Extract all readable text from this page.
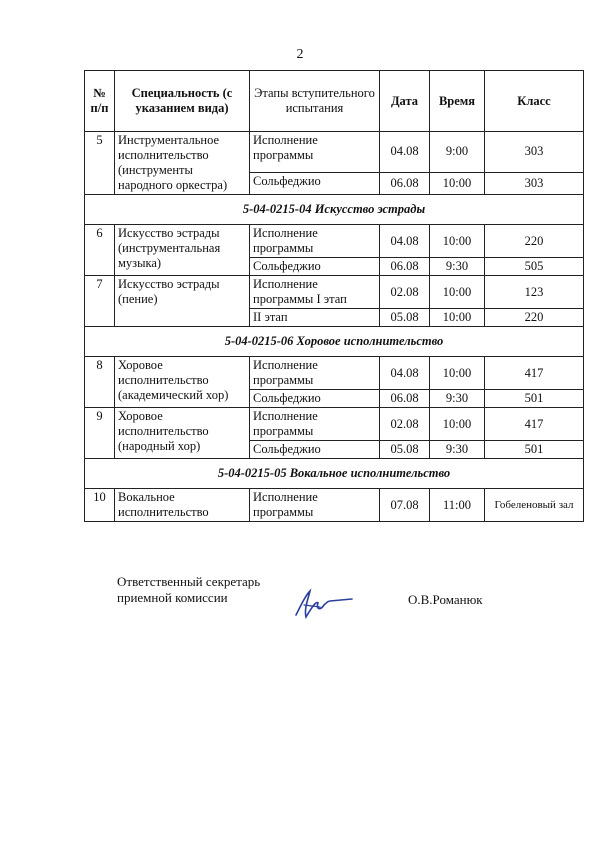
2
№ п/п	Специальность (с указанием вида)	Этапы вступительного испытания	Дата	Время	Класс
5	Инструментальное исполнительство (инструменты народного оркестра)	Исполнение программы	04.08	9:00	303
		Сольфеджио	06.08	10:00	303
5-04-0215-04 Искусство эстрады					
6	Искусство эстрады (инструментальная музыка)	Исполнение программы	04.08	10:00	220
		Сольфеджио	06.08	9:30	505
7	Искусство эстрады (пение)	Исполнение программы I этап	02.08	10:00	123
		II этап	05.08	10:00	220
5-04-0215-06 Хоровое исполнительство					
8	Хоровое исполнительство (академический хор)	Исполнение программы	04.08	10:00	417
		Сольфеджио	06.08	9:30	501
9	Хоровое исполнительство (народный хор)	Исполнение программы	02.08	10:00	417
		Сольфеджио	05.08	9:30	501
5-04-0215-05 Вокальное исполнительство					
10	Вокальное исполнительство	Исполнение программы	07.08	11:00	Гобеленовый зал
Ответственный секретарь приемной комиссии	О.В.Романюк
